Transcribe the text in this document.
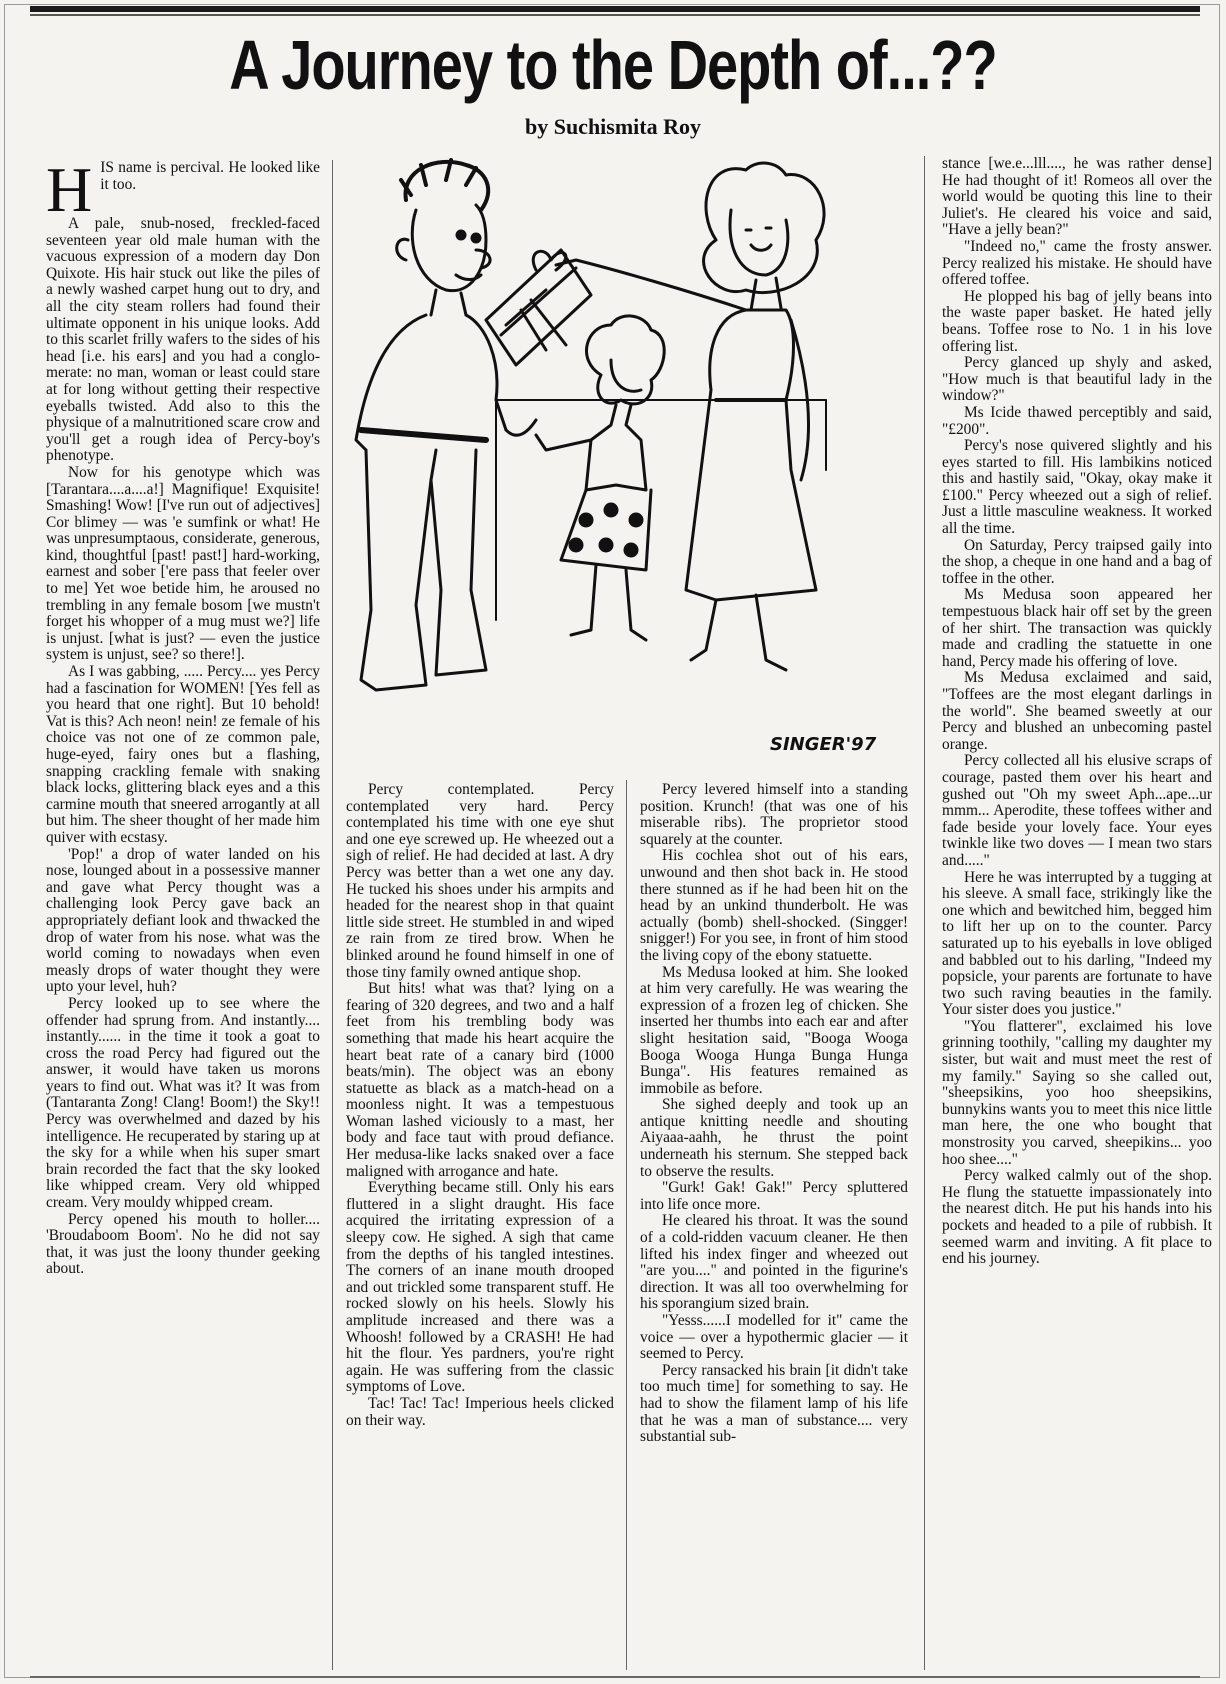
A Journey to the Depth of...??
by Suchismita Roy

HIS name is percival. He looked like it too.

A pale, snub-nosed, freckled-faced seventeen year old male human with the vacuous expression of a modern day Don Quixote. His hair stuck out like the piles of a newly washed carpet hung out to dry, and all the city steam rollers had found their ultimate opponent in his unique looks. Add to this scarlet frilly wafers to the sides of his head [i.e. his ears] and you had a conglo-merate: no man, woman or least could stare at for long without getting their respective eyeballs twisted. Add also to this the physique of a malnutritioned scare crow and you'll get a rough idea of Percy-boy's phenotype.

Now for his genotype which was [Tarantara....a....a!] Magnifique! Exquisite! Smashing! Wow! [I've run out of adjectives] Cor blimey — was 'e sumfink or what! He was unpresumptaous, considerate, generous, kind, thoughtful [past! past!] hard-working, earnest and sober ['ere pass that feeler over to me] Yet woe betide him, he aroused no trembling in any female bosom [we mustn't forget his whopper of a mug must we?] life is unjust. [what is just? — even the justice system is unjust, see? so there!].

As I was gabbing, ..... Percy.... yes Percy had a fascination for WOMEN! [Yes fell as you heard that one right]. But 10 behold! Vat is this? Ach neon! nein! ze female of his choice vas not one of ze common pale, huge-eyed, fairy ones but a flashing, snapping crackling female with snaking black locks, glittering black eyes and a this carmine mouth that sneered arrogantly at all but him. The sheer thought of her made him quiver with ecstasy.

'Pop!' a drop of water landed on his nose, lounged about in a possessive manner and gave what Percy thought was a challenging look Percy gave back an appropriately defiant look and thwacked the drop of water from his nose. what was the world coming to nowadays when even measly drops of water thought they were upto your level, huh?

Percy looked up to see where the offender had sprung from. And instantly.... instantly...... in the time it took a goat to cross the road Percy had figured out the answer, it would have taken us morons years to find out. What was it? It was from (Tantaranta Zong! Clang! Boom!) the Sky!! Percy was overwhelmed and dazed by his intelligence. He recuperated by staring up at the sky for a while when his super smart brain recorded the fact that the sky looked like whipped cream. Very old whipped cream. Very mouldy whipped cream.

Percy opened his mouth to holler.... 'Broudaboom Boom'. No he did not say that, it was just the loony thunder geeking about.

SINGER'97

Percy contemplated. Percy contemplated very hard. Percy contemplated his time with one eye shut and one eye screwed up. He wheezed out a sigh of relief. He had decided at last. A dry Percy was better than a wet one any day. He tucked his shoes under his armpits and headed for the nearest shop in that quaint little side street. He stumbled in and wiped ze rain from ze tired brow. When he blinked around he found himself in one of those tiny family owned antique shop.

But hits! what was that? lying on a fearing of 320 degrees, and two and a half feet from his trembling body was something that made his heart acquire the heart beat rate of a canary bird (1000 beats/min). The object was an ebony statuette as black as a match-head on a moonless night. It was a tempestuous Woman lashed viciously to a mast, her body and face taut with proud defiance. Her medusa-like lacks snaked over a face maligned with arrogance and hate.

Everything became still. Only his ears fluttered in a slight draught. His face acquired the irritating expression of a sleepy cow. He sighed. A sigh that came from the depths of his tangled intestines. The corners of an inane mouth drooped and out trickled some transparent stuff. He rocked slowly on his heels. Slowly his amplitude increased and there was a Whoosh! followed by a CRASH! He had hit the flour. Yes pardners, you're right again. He was suffering from the classic symptoms of Love.

Tac! Tac! Tac! Imperious heels clicked on their way.

Percy levered himself into a standing position. Krunch! (that was one of his miserable ribs). The proprietor stood squarely at the counter.

His cochlea shot out of his ears, unwound and then shot back in. He stood there stunned as if he had been hit on the head by an unkind thunderbolt. He was actually (bomb) shell-shocked. (Singger! snigger!) For you see, in front of him stood the living copy of the ebony statuette.

Ms Medusa looked at him. She looked at him very carefully. He was wearing the expression of a frozen leg of chicken. She inserted her thumbs into each ear and after slight hesitation said, "Booga Wooga Booga Wooga Hunga Bunga Hunga Bunga". His features remained as immobile as before.

She sighed deeply and took up an antique knitting needle and shouting Aiyaaa-aahh, he thrust the point underneath his sternum. She stepped back to observe the results.

"Gurk! Gak! Gak!" Percy spluttered into life once more.

He cleared his throat. It was the sound of a cold-ridden vacuum cleaner. He then lifted his index finger and wheezed out "are you...." and pointed in the figurine's direction. It was all too overwhelming for his sporangium sized brain.

"Yesss......I modelled for it" came the voice — over a hypothermic glacier — it seemed to Percy.

Percy ransacked his brain [it didn't take too much time] for something to say. He had to show the filament lamp of his life that he was a man of substance.... very substantial sub-

stance [we.e...lll...., he was rather dense] He had thought of it! Romeos all over the world would be quoting this line to their Juliet's. He cleared his voice and said, "Have a jelly bean?"

"Indeed no," came the frosty answer. Percy realized his mistake. He should have offered toffee.

He plopped his bag of jelly beans into the waste paper basket. He hated jelly beans. Toffee rose to No. 1 in his love offering list.

Percy glanced up shyly and asked, "How much is that beautiful lady in the window?"

Ms Icide thawed perceptibly and said, "£200".

Percy's nose quivered slightly and his eyes started to fill. His lambikins noticed this and hastily said, "Okay, okay make it £100." Percy wheezed out a sigh of relief. Just a little masculine weakness. It worked all the time.

On Saturday, Percy traipsed gaily into the shop, a cheque in one hand and a bag of toffee in the other.

Ms Medusa soon appeared her tempestuous black hair off set by the green of her shirt. The transaction was quickly made and cradling the statuette in one hand, Percy made his offering of love.

Ms Medusa exclaimed and said, "Toffees are the most elegant darlings in the world". She beamed sweetly at our Percy and blushed an unbecoming pastel orange.

Percy collected all his elusive scraps of courage, pasted them over his heart and gushed out "Oh my sweet Aph...ape...ur mmm... Aperodite, these toffees wither and fade beside your lovely face. Your eyes twinkle like two doves — I mean two stars and....."

Here he was interrupted by a tugging at his sleeve. A small face, strikingly like the one which and bewitched him, begged him to lift her up on to the counter. Parcy saturated up to his eyeballs in love obliged and babbled out to his darling, "Indeed my popsicle, your parents are fortunate to have two such raving beauties in the family. Your sister does you justice."

"You flatterer", exclaimed his love grinning toothily, "calling my daughter my sister, but wait and must meet the rest of my family." Saying so she called out, "sheepsikins, yoo hoo sheepsikins, bunnykins wants you to meet this nice little man here, the one who bought that monstrosity you carved, sheepikins... yoo hoo shee...."

Percy walked calmly out of the shop. He flung the statuette impassionately into the nearest ditch. He put his hands into his pockets and headed to a pile of rubbish. It seemed warm and inviting. A fit place to end his journey.
